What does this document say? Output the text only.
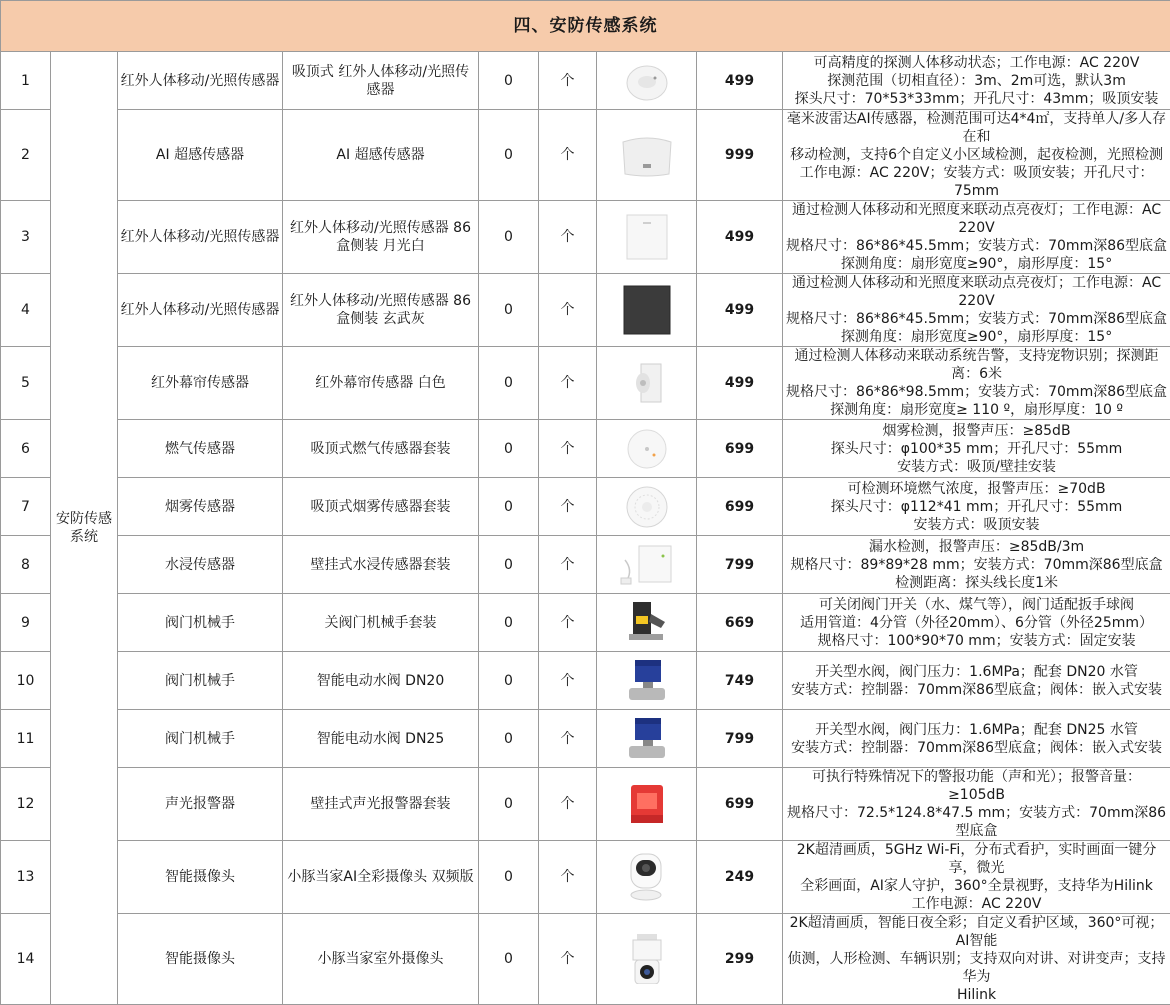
四、安防传感系统								
1	安防传感系统	红外人体移动/光照传感器	吸顶式 红外人体移动/光照传感器	0	个		499	可高精度的探测人体移动状态；工作电源：AC 220V
探测范围（切相直径）：3m、2m可选，默认3m
探头尺寸：70*53*33mm；开孔尺寸：43mm；吸顶安装

2		AI 超感传感器	AI 超感传感器	0	个		999	毫米波雷达AI传感器，检测范围可达4*4㎡，支持单人/多人存在和
移动检测，支持6个自定义小区域检测，起夜检测，光照检测
工作电源：AC 220V；安装方式：吸顶安装；开孔尺寸：75mm

3		红外人体移动/光照传感器	红外人体移动/光照传感器 86盒侧装 月光白	0	个		499	通过检测人体移动和光照度来联动点亮夜灯；工作电源：AC 220V
规格尺寸：86*86*45.5mm；安装方式：70mm深86型底盒
探测角度：扇形宽度≥90°，扇形厚度：15°

4		红外人体移动/光照传感器	红外人体移动/光照传感器 86盒侧装 玄武灰	0	个		499	通过检测人体移动和光照度来联动点亮夜灯；工作电源：AC 220V
规格尺寸：86*86*45.5mm；安装方式：70mm深86型底盒
探测角度：扇形宽度≥90°，扇形厚度：15°

5		红外幕帘传感器	红外幕帘传感器 白色	0	个		499	通过检测人体移动来联动系统告警，支持宠物识别；探测距离：6米
规格尺寸：86*86*98.5mm；安装方式：70mm深86型底盒
探测角度：扇形宽度≥ 110 º，扇形厚度：10 º

6		燃气传感器	吸顶式燃气传感器套装	0	个		699	烟雾检测，报警声压：≥85dB
探头尺寸：φ100*35 mm；开孔尺寸：55mm
安装方式：吸顶/壁挂安装

7		烟雾传感器	吸顶式烟雾传感器套装	0	个		699	可检测环境燃气浓度，报警声压：≥70dB
探头尺寸：φ112*41 mm；开孔尺寸：55mm
安装方式：吸顶安装

8		水浸传感器	壁挂式水浸传感器套装	0	个		799	漏水检测，报警声压：≥85dB/3m
规格尺寸：89*89*28 mm；安装方式：70mm深86型底盒
检测距离：探头线长度1米

9		阀门机械手	关阀门机械手套装	0	个		669	可关闭阀门开关（水、煤气等），阀门适配扳手球阀
适用管道：4分管（外径20mm）、6分管（外径25mm）
规格尺寸：100*90*70 mm；安装方式：固定安装

10		阀门机械手	智能电动水阀 DN20	0	个		749	开关型水阀，阀门压力：1.6MPa；配套 DN20 水管
安装方式：控制器：70mm深86型底盒；阀体：嵌入式安装

11		阀门机械手	智能电动水阀 DN25	0	个		799	开关型水阀，阀门压力：1.6MPa；配套 DN25 水管
安装方式：控制器：70mm深86型底盒；阀体：嵌入式安装

12		声光报警器	壁挂式声光报警器套装	0	个		699	可执行特殊情况下的警报功能（声和光）；报警音量：≥105dB
规格尺寸：72.5*124.8*47.5 mm；安装方式：70mm深86型底盒

13		智能摄像头	小豚当家AI全彩摄像头 双频版	0	个		249	2K超清画质，5GHz Wi-Fi，分布式看护，实时画面一键分享，微光
全彩画面，AI家人守护，360°全景视野，支持华为Hilink
工作电源：AC 220V

14		智能摄像头	小豚当家室外摄像头	0	个		299	2K超清画质，智能日夜全彩；自定义看护区域，360°可视；AI智能
侦测，人形检测、车辆识别；支持双向对讲、对讲变声；支持华为
Hilink
